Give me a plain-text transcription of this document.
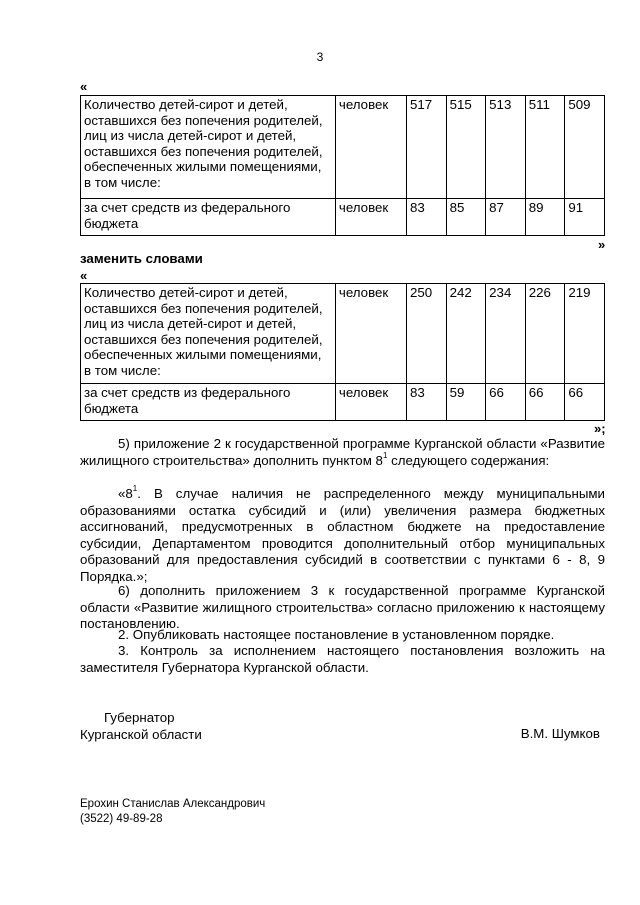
3
«
Количество детей-сирот и детей, оставшихся без попечения родителей, лиц из числа детей-сирот и детей, оставшихся без попечения родителей, обеспеченных жилыми помещениями, в том числе:	человек	517	515	513	511	509
за счет средств из федерального бюджета	человек	83	85	87	89	91
»
заменить словами
«
Количество детей-сирот и детей, оставшихся без попечения родителей, лиц из числа детей-сирот и детей, оставшихся без попечения родителей, обеспеченных жилыми помещениями, в том числе:	человек	250	242	234	226	219
за счет средств из федерального бюджета	человек	83	59	66	66	66
»;
5) приложение 2 к государственной программе Курганской области «Развитие жилищного строительства» дополнить пунктом $8^1$ следующего содержания:
«$8^1$. В случае наличия не распределенного между муниципальными образованиями остатка субсидий и (или) увеличения размера бюджетных ассигнований, предусмотренных в областном бюджете на предоставление субсидии, Департаментом проводится дополнительный отбор муниципальных образований для предоставления субсидий в соответствии с пунктами 6 - 8, 9 Порядка.»;
6) дополнить приложением 3 к государственной программе Курганской области «Развитие жилищного строительства» согласно приложению к настоящему постановлению.
2. Опубликовать настоящее постановление в установленном порядке.
3. Контроль за исполнением настоящего постановления возложить на заместителя Губернатора Курганской области.
Губернатор
Курганской области	В.М. Шумков
Ерохин Станислав Александрович
(3522) 49-89-28
